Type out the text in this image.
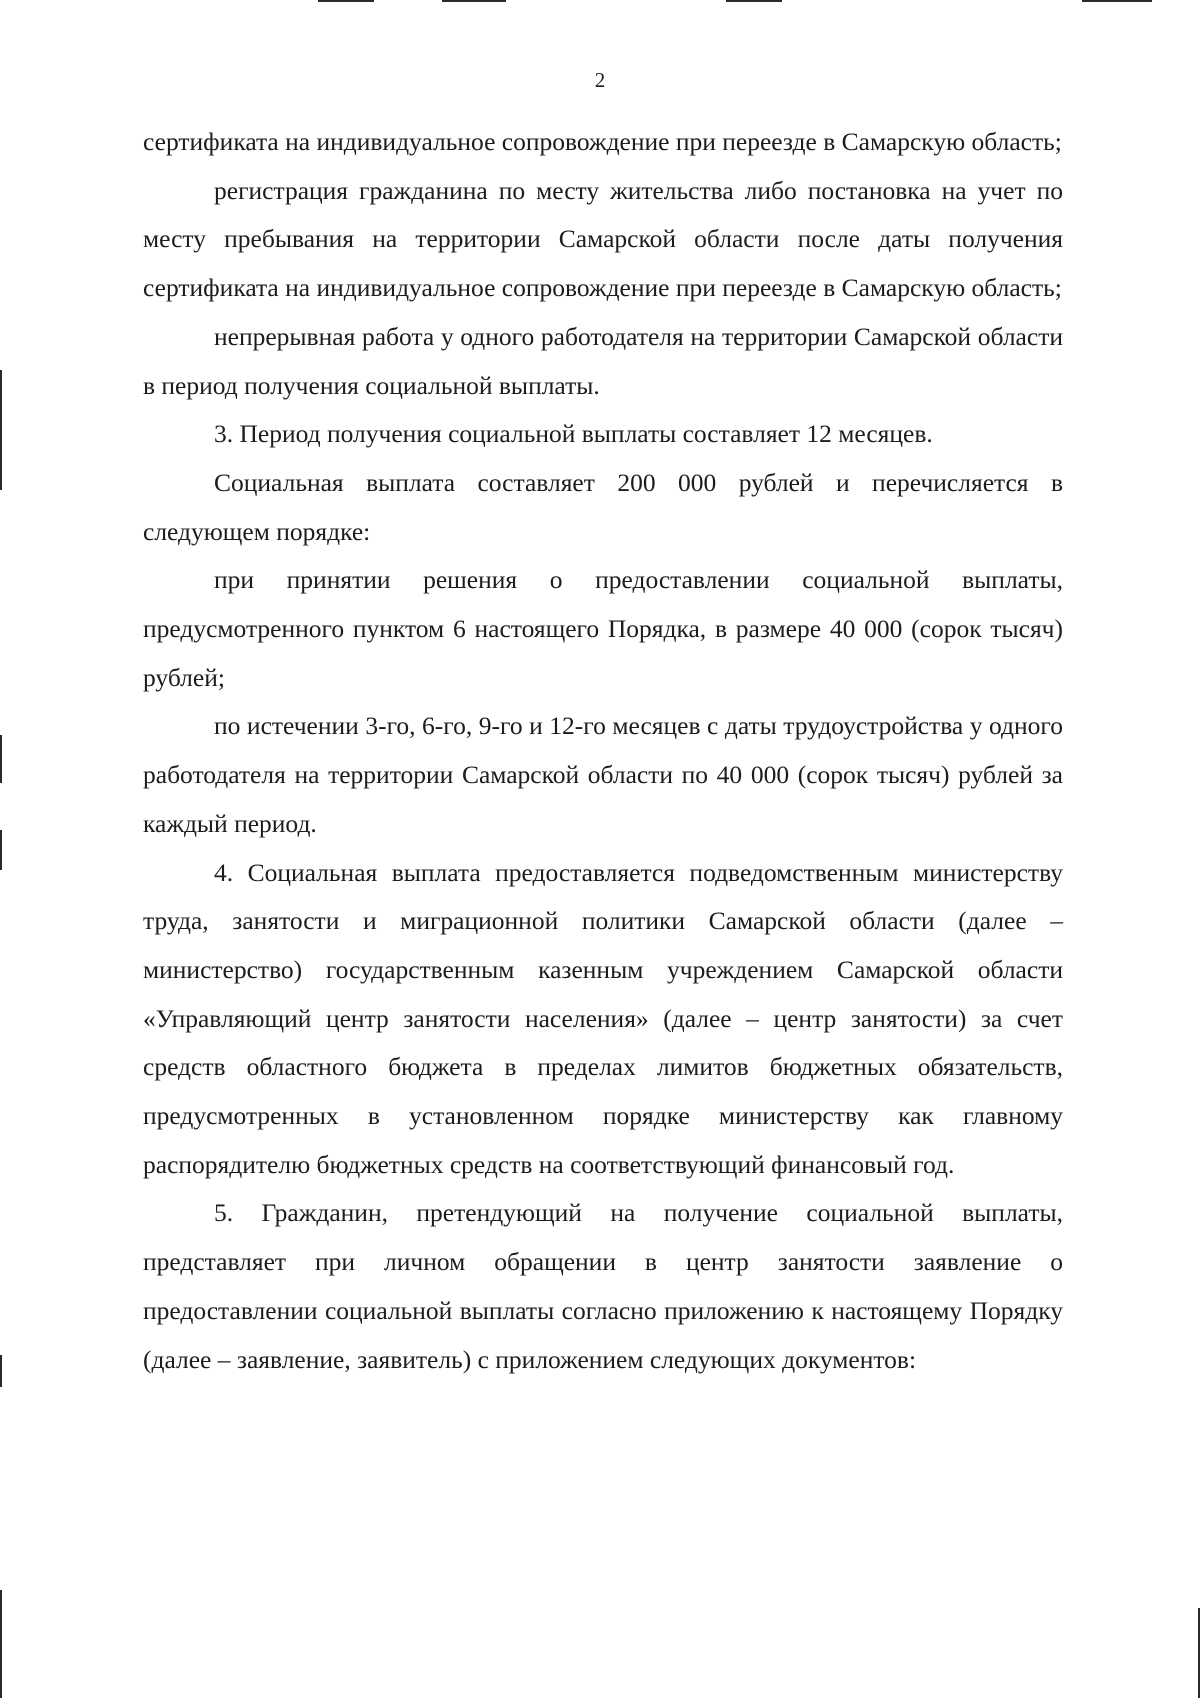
2

сертификата на индивидуальное сопровождение при переезде в Самарскую область;

регистрация гражданина по месту жительства либо постановка на учет по месту пребывания на территории Самарской области после даты получения сертификата на индивидуальное сопровождение при переезде в Самарскую область;

непрерывная работа у одного работодателя на территории Самарской области в период получения социальной выплаты.

3. Период получения социальной выплаты составляет 12 месяцев.

Социальная выплата составляет 200 000 рублей и перечисляется в следующем порядке:

при принятии решения о предоставлении социальной выплаты, предусмотренного пунктом 6 настоящего Порядка, в размере 40 000 (сорок тысяч) рублей;

по истечении 3-го, 6-го, 9-го и 12-го месяцев с даты трудоустройства у одного работодателя на территории Самарской области по 40 000 (сорок тысяч) рублей за каждый период.

4. Социальная выплата предоставляется подведомственным министерству труда, занятости и миграционной политики Самарской области (далее – министерство) государственным казенным учреждением Самарской области «Управляющий центр занятости населения» (далее – центр занятости) за счет средств областного бюджета в пределах лимитов бюджетных обязательств, предусмотренных в установленном порядке министерству как главному распорядителю бюджетных средств на соответствующий финансовый год.

5. Гражданин, претендующий на получение социальной выплаты, представляет при личном обращении в центр занятости заявление о предоставлении социальной выплаты согласно приложению к настоящему Порядку (далее – заявление, заявитель) с приложением следующих документов:
